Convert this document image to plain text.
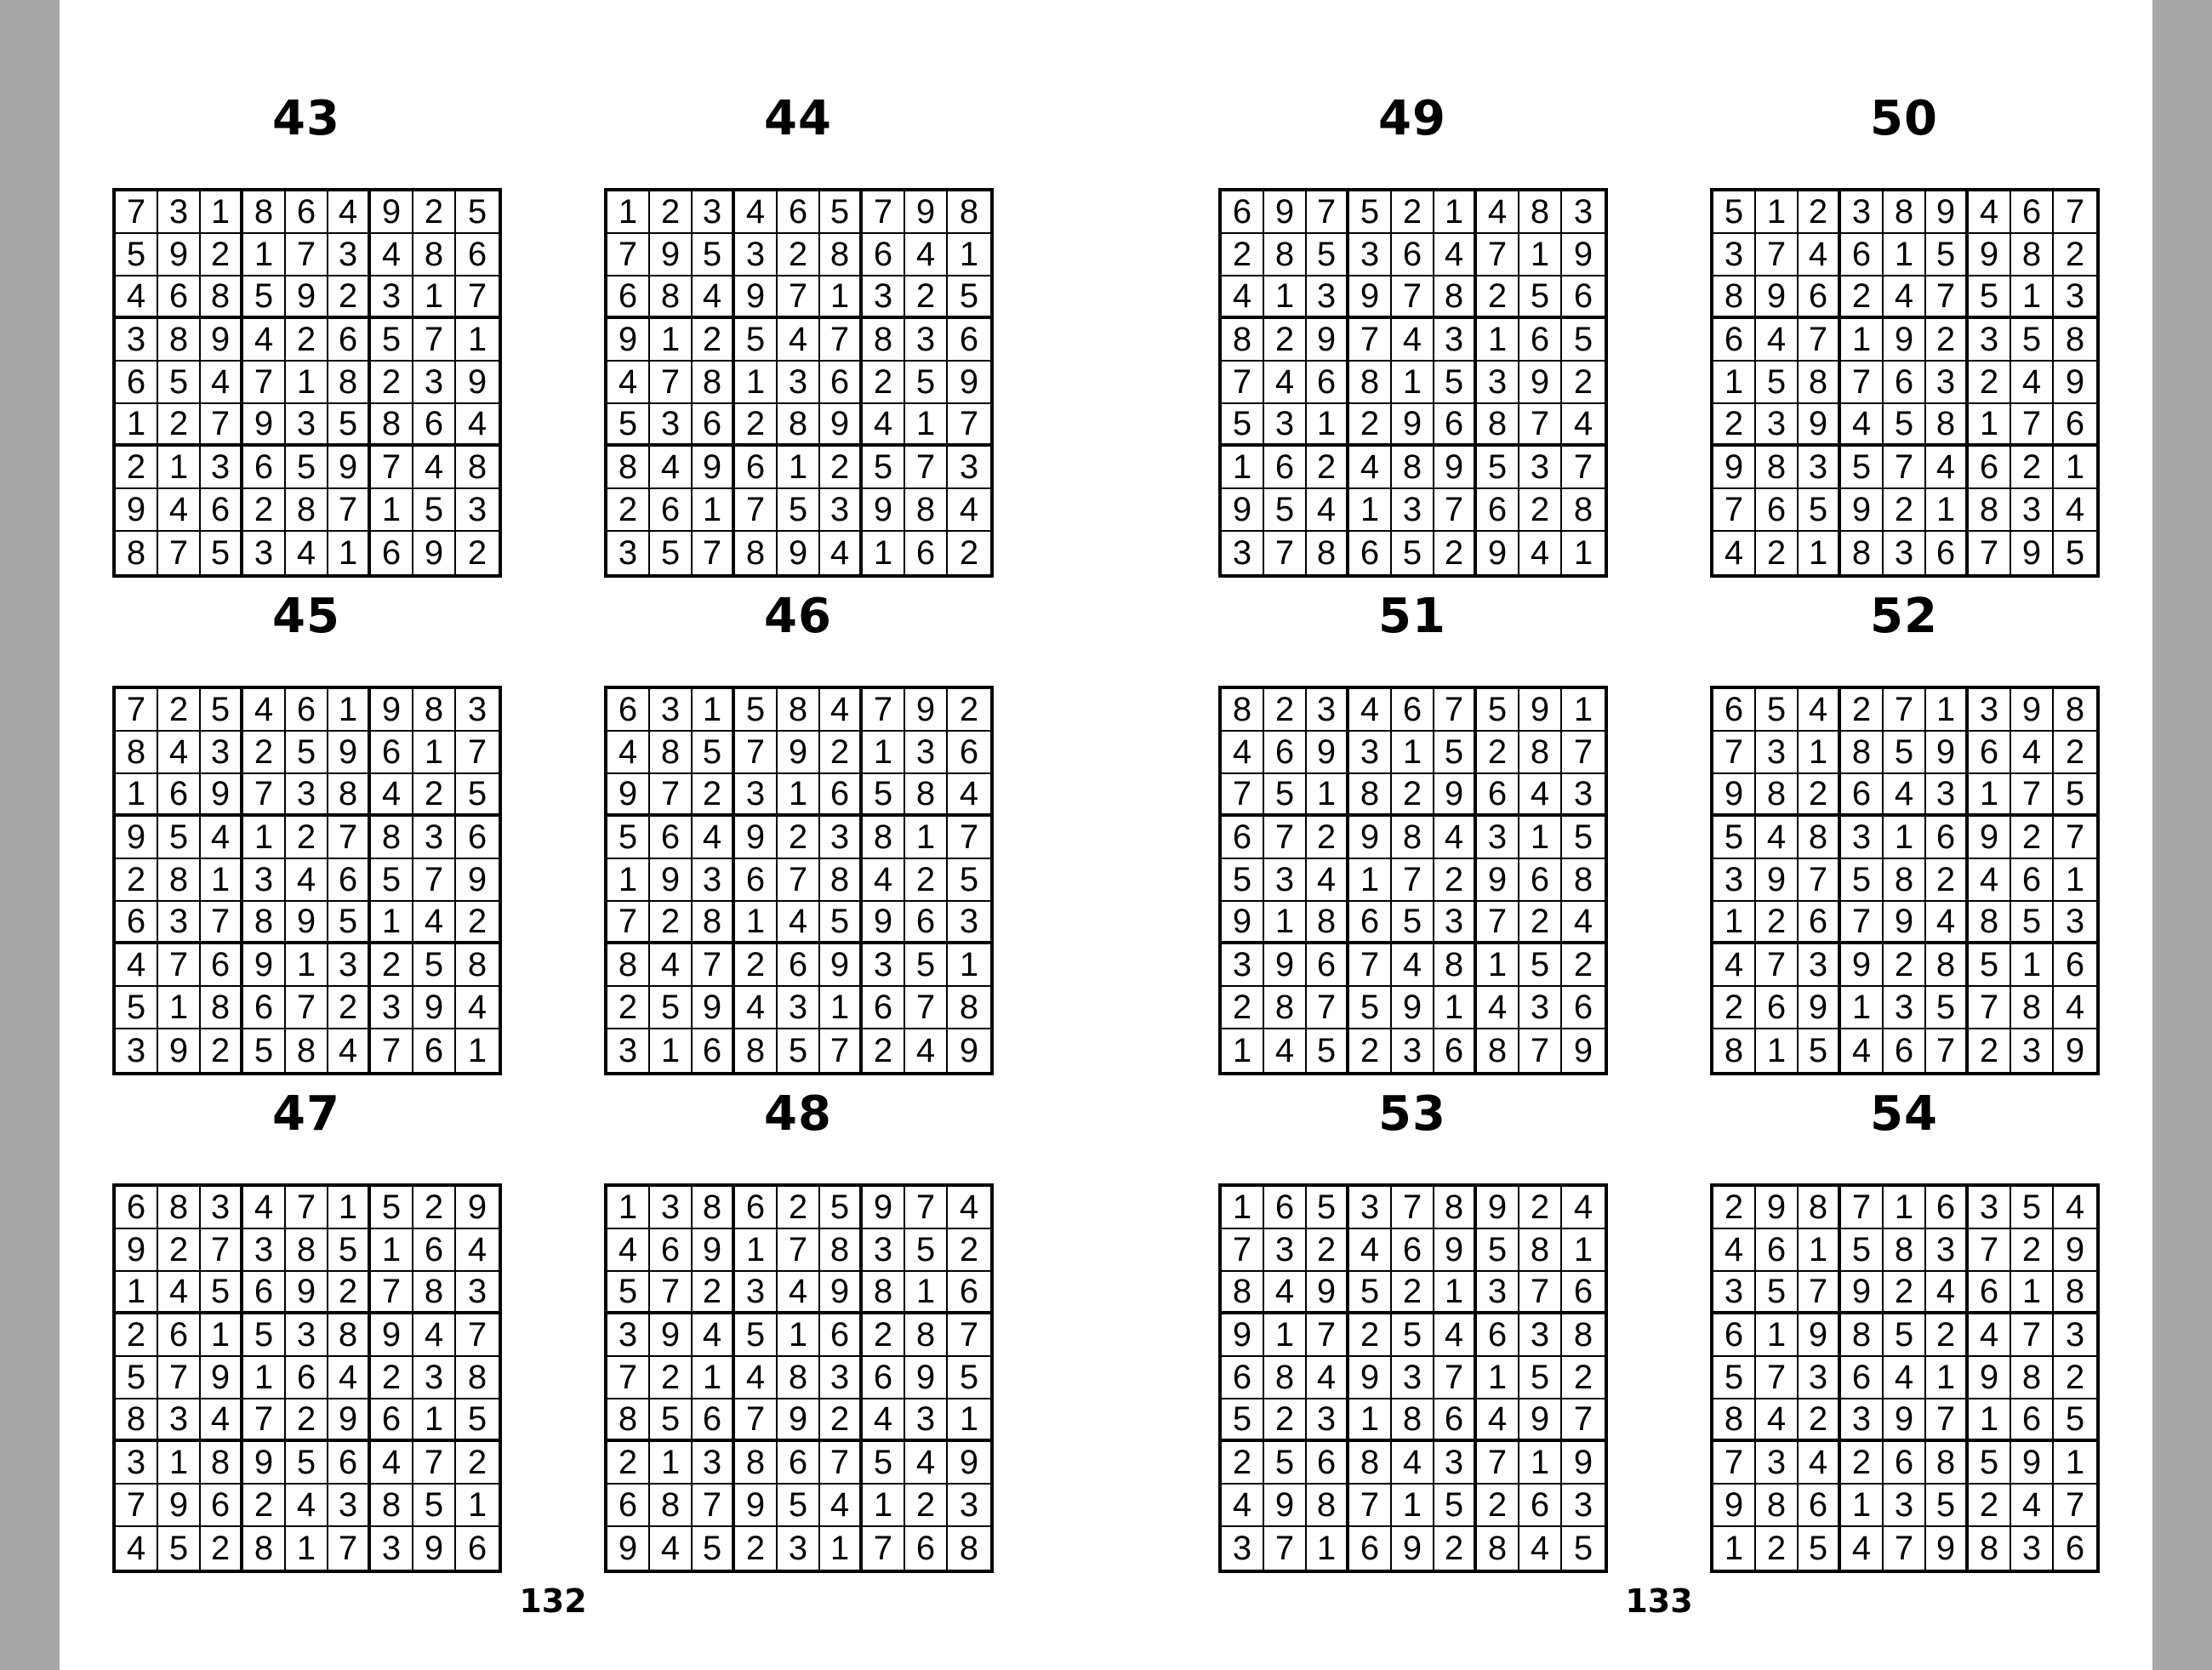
43
7 3 1 8 6 4 9 2 5
5 9 2 1 7 3 4 8 6
4 6 8 5 9 2 3 1 7
3 8 9 4 2 6 5 7 1
6 5 4 7 1 8 2 3 9
1 2 7 9 3 5 8 6 4
2 1 3 6 5 9 7 4 8
9 4 6 2 8 7 1 5 3
8 7 5 3 4 1 6 9 2
44
1 2 3 4 6 5 7 9 8
7 9 5 3 2 8 6 4 1
6 8 4 9 7 1 3 2 5
9 1 2 5 4 7 8 3 6
4 7 8 1 3 6 2 5 9
5 3 6 2 8 9 4 1 7
8 4 9 6 1 2 5 7 3
2 6 1 7 5 3 9 8 4
3 5 7 8 9 4 1 6 2
49
6 9 7 5 2 1 4 8 3
2 8 5 3 6 4 7 1 9
4 1 3 9 7 8 2 5 6
8 2 9 7 4 3 1 6 5
7 4 6 8 1 5 3 9 2
5 3 1 2 9 6 8 7 4
1 6 2 4 8 9 5 3 7
9 5 4 1 3 7 6 2 8
3 7 8 6 5 2 9 4 1
50
5 1 2 3 8 9 4 6 7
3 7 4 6 1 5 9 8 2
8 9 6 2 4 7 5 1 3
6 4 7 1 9 2 3 5 8
1 5 8 7 6 3 2 4 9
2 3 9 4 5 8 1 7 6
9 8 3 5 7 4 6 2 1
7 6 5 9 2 1 8 3 4
4 2 1 8 3 6 7 9 5
45
7 2 5 4 6 1 9 8 3
8 4 3 2 5 9 6 1 7
1 6 9 7 3 8 4 2 5
9 5 4 1 2 7 8 3 6
2 8 1 3 4 6 5 7 9
6 3 7 8 9 5 1 4 2
4 7 6 9 1 3 2 5 8
5 1 8 6 7 2 3 9 4
3 9 2 5 8 4 7 6 1
46
6 3 1 5 8 4 7 9 2
4 8 5 7 9 2 1 3 6
9 7 2 3 1 6 5 8 4
5 6 4 9 2 3 8 1 7
1 9 3 6 7 8 4 2 5
7 2 8 1 4 5 9 6 3
8 4 7 2 6 9 3 5 1
2 5 9 4 3 1 6 7 8
3 1 6 8 5 7 2 4 9
51
8 2 3 4 6 7 5 9 1
4 6 9 3 1 5 2 8 7
7 5 1 8 2 9 6 4 3
6 7 2 9 8 4 3 1 5
5 3 4 1 7 2 9 6 8
9 1 8 6 5 3 7 2 4
3 9 6 7 4 8 1 5 2
2 8 7 5 9 1 4 3 6
1 4 5 2 3 6 8 7 9
52
6 5 4 2 7 1 3 9 8
7 3 1 8 5 9 6 4 2
9 8 2 6 4 3 1 7 5
5 4 8 3 1 6 9 2 7
3 9 7 5 8 2 4 6 1
1 2 6 7 9 4 8 5 3
4 7 3 9 2 8 5 1 6
2 6 9 1 3 5 7 8 4
8 1 5 4 6 7 2 3 9
47
6 8 3 4 7 1 5 2 9
9 2 7 3 8 5 1 6 4
1 4 5 6 9 2 7 8 3
2 6 1 5 3 8 9 4 7
5 7 9 1 6 4 2 3 8
8 3 4 7 2 9 6 1 5
3 1 8 9 5 6 4 7 2
7 9 6 2 4 3 8 5 1
4 5 2 8 1 7 3 9 6
48
1 3 8 6 2 5 9 7 4
4 6 9 1 7 8 3 5 2
5 7 2 3 4 9 8 1 6
3 9 4 5 1 6 2 8 7
7 2 1 4 8 3 6 9 5
8 5 6 7 9 2 4 3 1
2 1 3 8 6 7 5 4 9
6 8 7 9 5 4 1 2 3
9 4 5 2 3 1 7 6 8
53
1 6 5 3 7 8 9 2 4
7 3 2 4 6 9 5 8 1
8 4 9 5 2 1 3 7 6
9 1 7 2 5 4 6 3 8
6 8 4 9 3 7 1 5 2
5 2 3 1 8 6 4 9 7
2 5 6 8 4 3 7 1 9
4 9 8 7 1 5 2 6 3
3 7 1 6 9 2 8 4 5
54
2 9 8 7 1 6 3 5 4
4 6 1 5 8 3 7 2 9
3 5 7 9 2 4 6 1 8
6 1 9 8 5 2 4 7 3
5 7 3 6 4 1 9 8 2
8 4 2 3 9 7 1 6 5
7 3 4 2 6 8 5 9 1
9 8 6 1 3 5 2 4 7
1 2 5 4 7 9 8 3 6
132	133
